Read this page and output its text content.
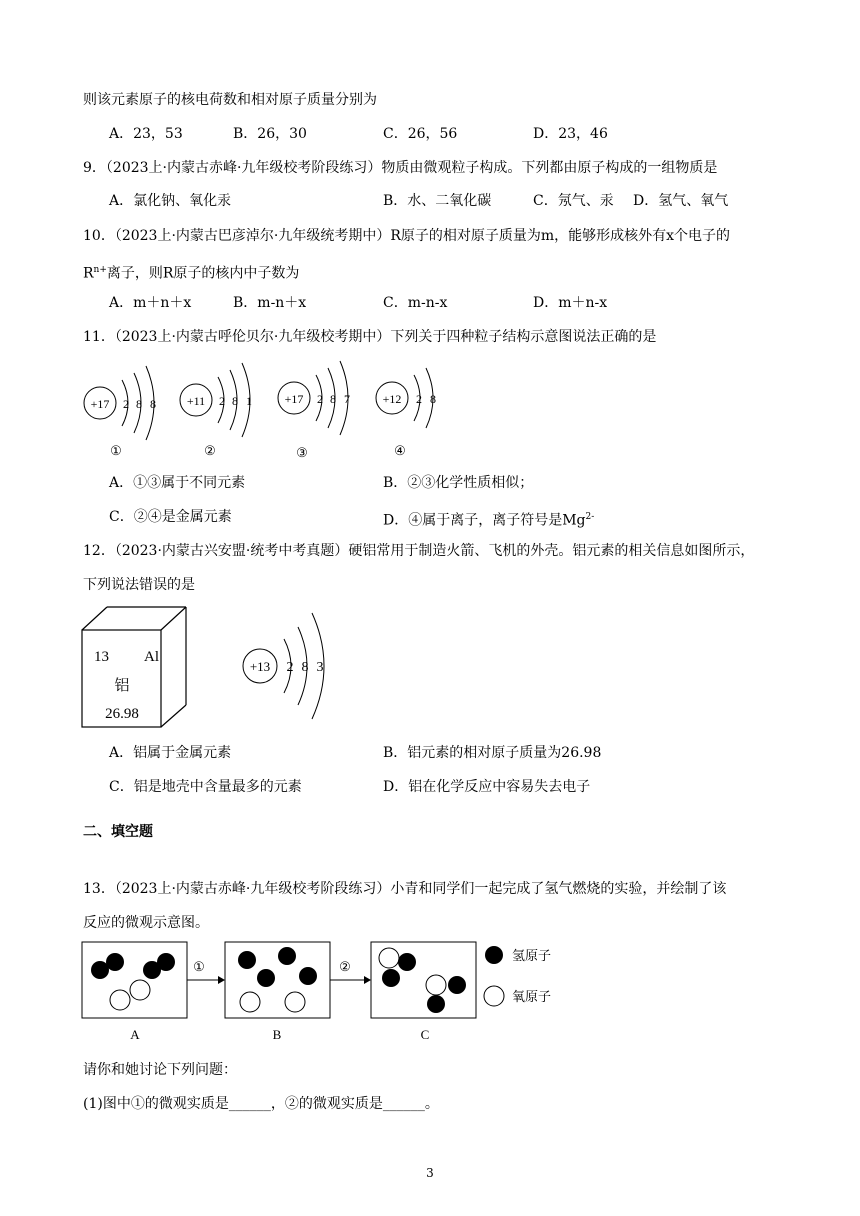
则该元素原子的核电荷数和相对原子质量分别为
A．23，53	B．26，30	C．26，56	D．23，46
9．（2023上·内蒙古赤峰·九年级校考阶段练习）物质由微观粒子构成。下列都由原子构成的一组物质是
A．氯化钠、氧化汞	B．水、二氧化碳	C．氖气、汞 D．氢气、氧气
10．（2023上·内蒙古巴彦淖尔·九年级统考期中）R原子的相对原子质量为m，能够形成核外有x个电子的
$R^{n+}$离子，则R原子的核内中子数为
A．m＋n＋x	B．m-n＋x	C．m-n-x	D．m＋n-x
11．（2023上·内蒙古呼伦贝尔·九年级校考期中）下列关于四种粒子结构示意图说法正确的是
+17 2 8 8
①
+11 2 8 1
②
+17 2 8 7
③
+12 2 8
④
A．①③属于不同元素	B．②③化学性质相似；
C．②④是金属元素	D．④属于离子，离子符号是$Mg^{2-}$
12．（2023·内蒙古兴安盟·统考中考真题）硬铝常用于制造火箭、飞机的外壳。铝元素的相关信息如图所示，
下列说法错误的是
13 Al
铝
26.98
+13 2 8 3
A．铝属于金属元素	B．铝元素的相对原子质量为26.98
C．铝是地壳中含量最多的元素	D．铝在化学反应中容易失去电子
二、填空题
13．（2023上·内蒙古赤峰·九年级校考阶段练习）小青和同学们一起完成了氢气燃烧的实验，并绘制了该
反应的微观示意图。
A
①
B
②
C
氢原子
氧原子
请你和她讨论下列问题：
(1)图中①的微观实质是______，②的微观实质是______。
3
